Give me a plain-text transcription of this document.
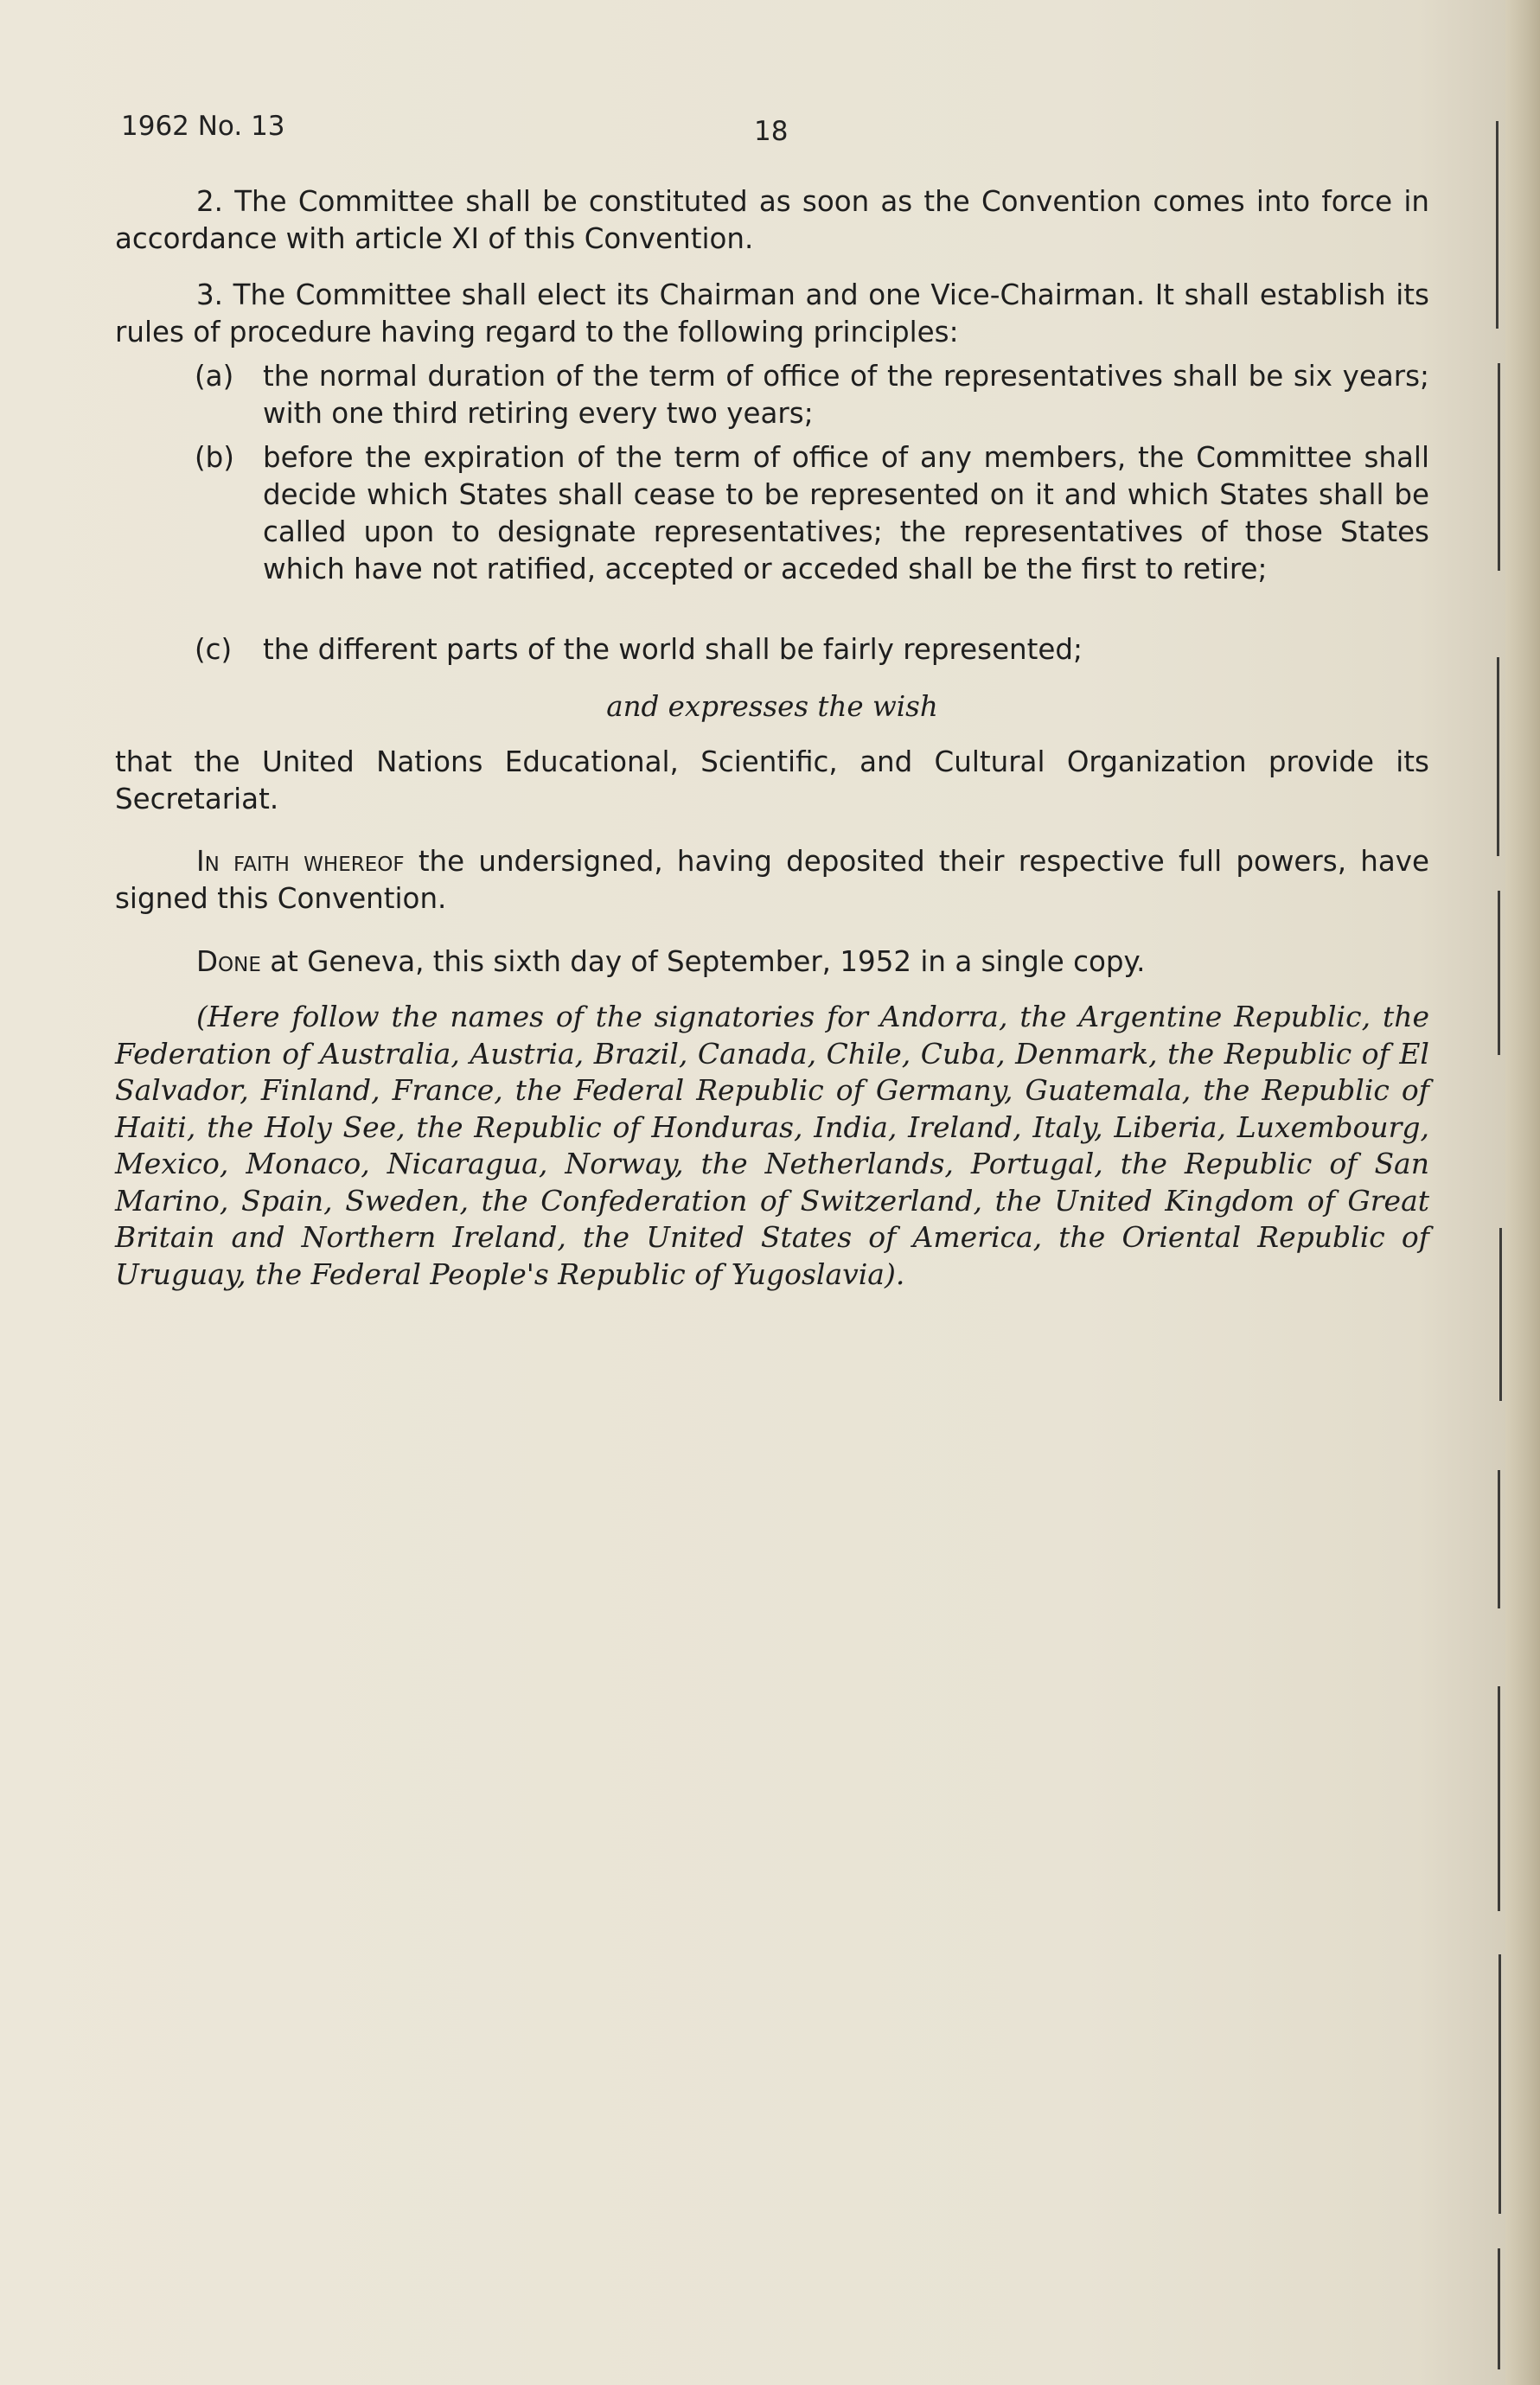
1962 No. 13	18

2. The Committee shall be constituted as soon as the Convention comes into force in accordance with article XI of this Convention.

3. The Committee shall elect its Chairman and one Vice-Chairman. It shall establish its rules of procedure having regard to the following principles:

(a) the normal duration of the term of office of the representatives shall be six years; with one third retiring every two years;
(b) before the expiration of the term of office of any members, the Committee shall decide which States shall cease to be represented on it and which States shall be called upon to designate representatives; the representatives of those States which have not ratified, accepted or acceded shall be the first to retire;
(c) the different parts of the world shall be fairly represented;
and expresses the wish

that the United Nations Educational, Scientific, and Cultural Organization provide its Secretariat.

In faith whereof the undersigned, having deposited their respective full powers, have signed this Convention.

Done at Geneva, this sixth day of September, 1952 in a single copy.

(Here follow the names of the signatories for Andorra, the Argentine Republic, the Federation of Australia, Austria, Brazil, Canada, Chile, Cuba, Denmark, the Republic of El Salvador, Finland, France, the Federal Republic of Germany, Guatemala, the Republic of Haiti, the Holy See, the Republic of Honduras, India, Ireland, Italy, Liberia, Luxembourg, Mexico, Monaco, Nicaragua, Norway, the Netherlands, Portugal, the Republic of San Marino, Spain, Sweden, the Confederation of Switzerland, the United Kingdom of Great Britain and Northern Ireland, the United States of America, the Oriental Republic of Uruguay, the Federal People's Republic of Yugoslavia).
